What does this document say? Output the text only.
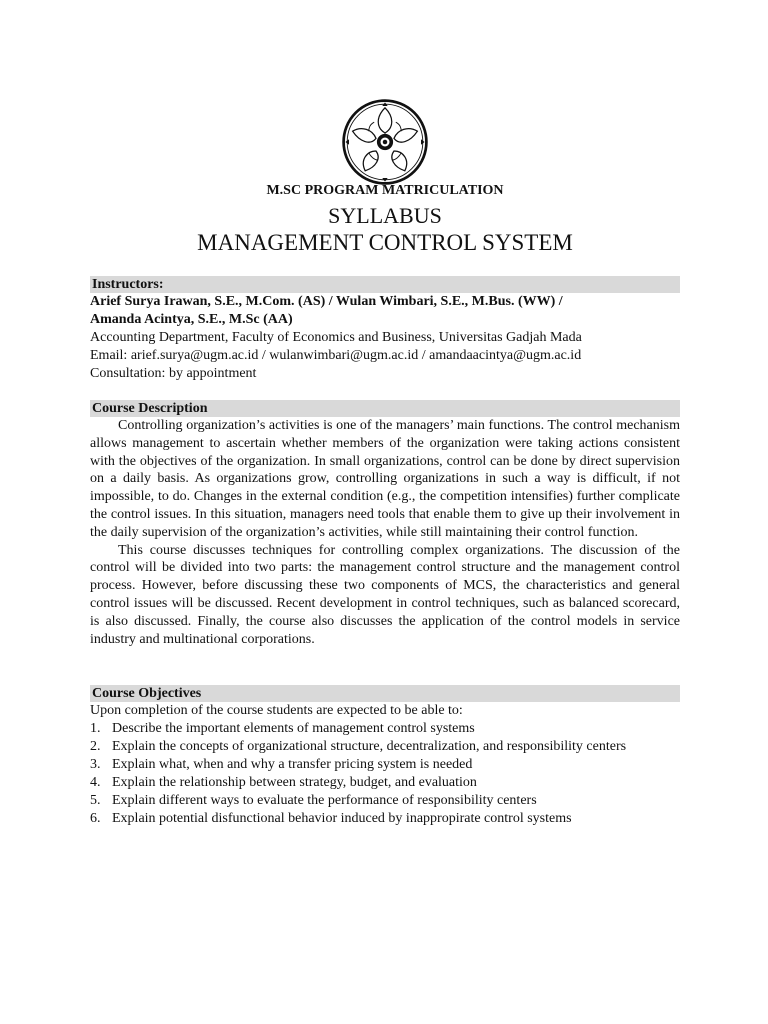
M.SC PROGRAM MATRICULATION
SYLLABUS
MANAGEMENT CONTROL SYSTEM
Instructors:
Arief Surya Irawan, S.E., M.Com. (AS) / Wulan Wimbari, S.E., M.Bus. (WW) /
Amanda Acintya, S.E., M.Sc (AA)
Accounting Department, Faculty of Economics and Business, Universitas Gadjah Mada
Email: arief.surya@ugm.ac.id / wulanwimbari@ugm.ac.id / amandaacintya@ugm.ac.id
Consultation: by appointment
Course Description

Controlling organization’s activities is one of the managers’ main functions. The control mechanism allows management to ascertain whether members of the organization were taking actions consistent with the objectives of the organization. In small organizations, control can be done by direct supervision on a daily basis. As organizations grow, controlling organizations in such a way is difficult, if not impossible, to do. Changes in the external condition (e.g., the competition intensifies) further complicate the control issues. In this situation, managers need tools that enable them to give up their involvement in the daily supervision of the organization’s activities, while still maintaining their control function.

This course discusses techniques for controlling complex organizations. The discussion of the control will be divided into two parts: the management control structure and the management control process. However, before discussing these two components of MCS, the characteristics and general control issues will be discussed. Recent development in control techniques, such as balanced scorecard, is also discussed. Finally, the course also discusses the application of the control models in service industry and multinational corporations.

Course Objectives
Upon completion of the course students are expected to be able to:
1. Describe the important elements of management control systems
2. Explain the concepts of organizational structure, decentralization, and responsibility centers
3. Explain what, when and why a transfer pricing system is needed
4. Explain the relationship between strategy, budget, and evaluation
5. Explain different ways to evaluate the performance of responsibility centers
6. Explain potential disfunctional behavior induced by inappropirate control systems
